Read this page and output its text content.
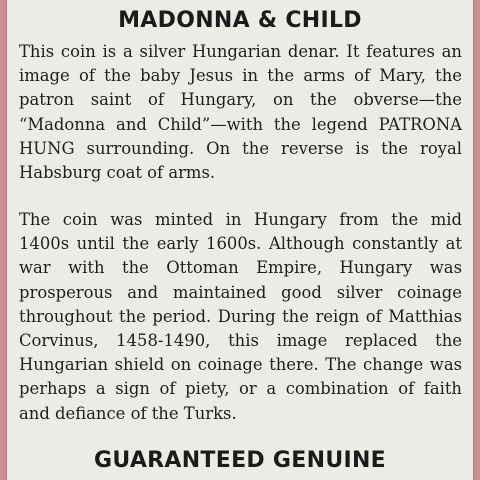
MADONNA & CHILD
This coin is a silver Hungarian denar. It features an
image of the baby Jesus in the arms of Mary, the
patron saint of Hungary, on the obverse—the
“Madonna and Child”—with the legend PATRONA
HUNG surrounding. On the reverse is the royal
Habsburg coat of arms.
The coin was minted in Hungary from the mid
1400s until the early 1600s. Although constantly at
war with the Ottoman Empire, Hungary was
prosperous and maintained good silver coinage
throughout the period. During the reign of Matthias
Corvinus, 1458-1490, this image replaced the
Hungarian shield on coinage there. The change was
perhaps a sign of piety, or a combination of faith
and defiance of the Turks.
GUARANTEED GENUINE
